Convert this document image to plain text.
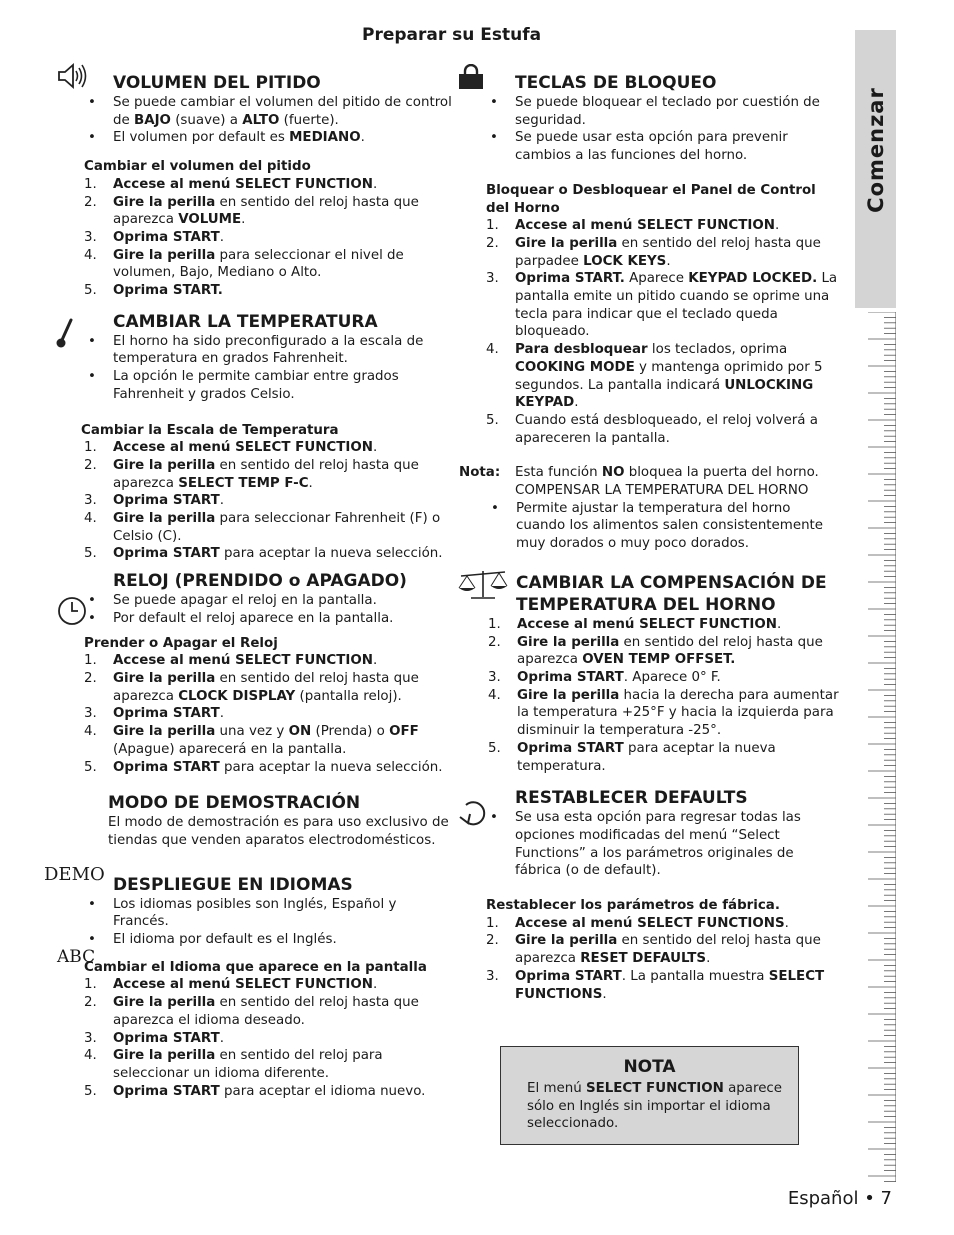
Preparar su Estufa
Comenzar
DEMO
ABC
VOLUMEN DEL PITIDO
• Se puede cambiar el volumen del pitido de control de BAJO (suave) a ALTO (fuerte).
• El volumen por default es MEDIANO.

Cambiar el volumen del pitido

1. Accese al menú SELECT FUNCTION.
2. Gire la perilla en sentido del reloj hasta que aparezca VOLUME.
3. Oprima START.
4. Gire la perilla para seleccionar el nivel de volumen, Bajo, Mediano o Alto.
5. Oprima START.
CAMBIAR LA TEMPERATURA
• El horno ha sido preconfigurado a la escala de temperatura en grados Fahrenheit.
• La opción le permite cambiar entre grados Fahrenheit y grados Celsio.

Cambiar la Escala de Temperatura

1. Accese al menú SELECT FUNCTION.
2. Gire la perilla en sentido del reloj hasta que aparezca SELECT TEMP F-C.
3. Oprima START.
4. Gire la perilla para seleccionar Fahrenheit (F) o Celsio (C).
5. Oprima START para aceptar la nueva selección.
RELOJ (PRENDIDO o APAGADO)
• Se puede apagar el reloj en la pantalla.
• Por default el reloj aparece en la pantalla.

Prender o Apagar el Reloj

1. Accese al menú SELECT FUNCTION.
2. Gire la perilla en sentido del reloj hasta que aparezca CLOCK DISPLAY (pantalla reloj).
3. Oprima START.
4. Gire la perilla una vez y ON (Prenda) o OFF (Apague) aparecerá en la pantalla.
5. Oprima START para aceptar la nueva selección.
MODO DE DEMOSTRACIÓN

El modo de demostración es para uso exclusivo de tiendas que venden aparatos electrodomésticos.

DESPLIEGUE EN IDIOMAS
• Los idiomas posibles son Inglés, Español y Francés.
• El idioma por default es el Inglés.

Cambiar el Idioma que aparece en la pantalla

1. Accese al menú SELECT FUNCTION.
2. Gire la perilla en sentido del reloj hasta que aparezca el idioma deseado.
3. Oprima START.
4. Gire la perilla en sentido del reloj para seleccionar un idioma diferente.
5. Oprima START para aceptar el idioma nuevo.
TECLAS DE BLOQUEO
• Se puede bloquear el teclado por cuestión de seguridad.
• Se puede usar esta opción para prevenir cambios a las funciones del horno.

Bloquear o Desbloquear el Panel de Control del Horno

1. Accese al menú SELECT FUNCTION.
2. Gire la perilla en sentido del reloj hasta que parpadee LOCK KEYS.
3. Oprima START. Aparece KEYPAD LOCKED. La pantalla emite un pitido cuando se oprime una tecla para indicar que el teclado queda bloqueado.
4. Para desbloquear los teclados, oprima COOKING MODE y mantenga oprimido por 5 segundos. La pantalla indicará UNLOCKING KEYPAD.
5. Cuando está desbloqueado, el reloj volverá a apareceren la pantalla.
Nota: Esta función NO bloquea la puerta del horno.
COMPENSAR LA TEMPERATURA DEL HORNO
• Permite ajustar la temperatura del horno cuando los alimentos salen consistentemente muy dorados o muy poco dorados.
CAMBIAR LA COMPENSACIÓN DE TEMPERATURA DEL HORNO
1. Accese al menú SELECT FUNCTION.
2. Gire la perilla en sentido del reloj hasta que aparezca OVEN TEMP OFFSET.
3. Oprima START. Aparece 0° F.
4. Gire la perilla hacia la derecha para aumentar la temperatura +25°F y hacia la izquierda para disminuir la temperatura -25°.
5. Oprima START para aceptar la nueva temperatura.
RESTABLECER DEFAULTS
• Se usa esta opción para regresar todas las opciones modificadas del menú “Select Functions” a los parámetros originales de fábrica (o de default).

Restablecer los parámetros de fábrica.

1. Accese al menú SELECT FUNCTIONS.
2. Gire la perilla en sentido del reloj hasta que aparezca RESET DEFAULTS.
3. Oprima START. La pantalla muestra SELECT FUNCTIONS.
NOTA
El menú SELECT FUNCTION aparece sólo en Inglés sin importar el idioma seleccionado.
Español • 7
